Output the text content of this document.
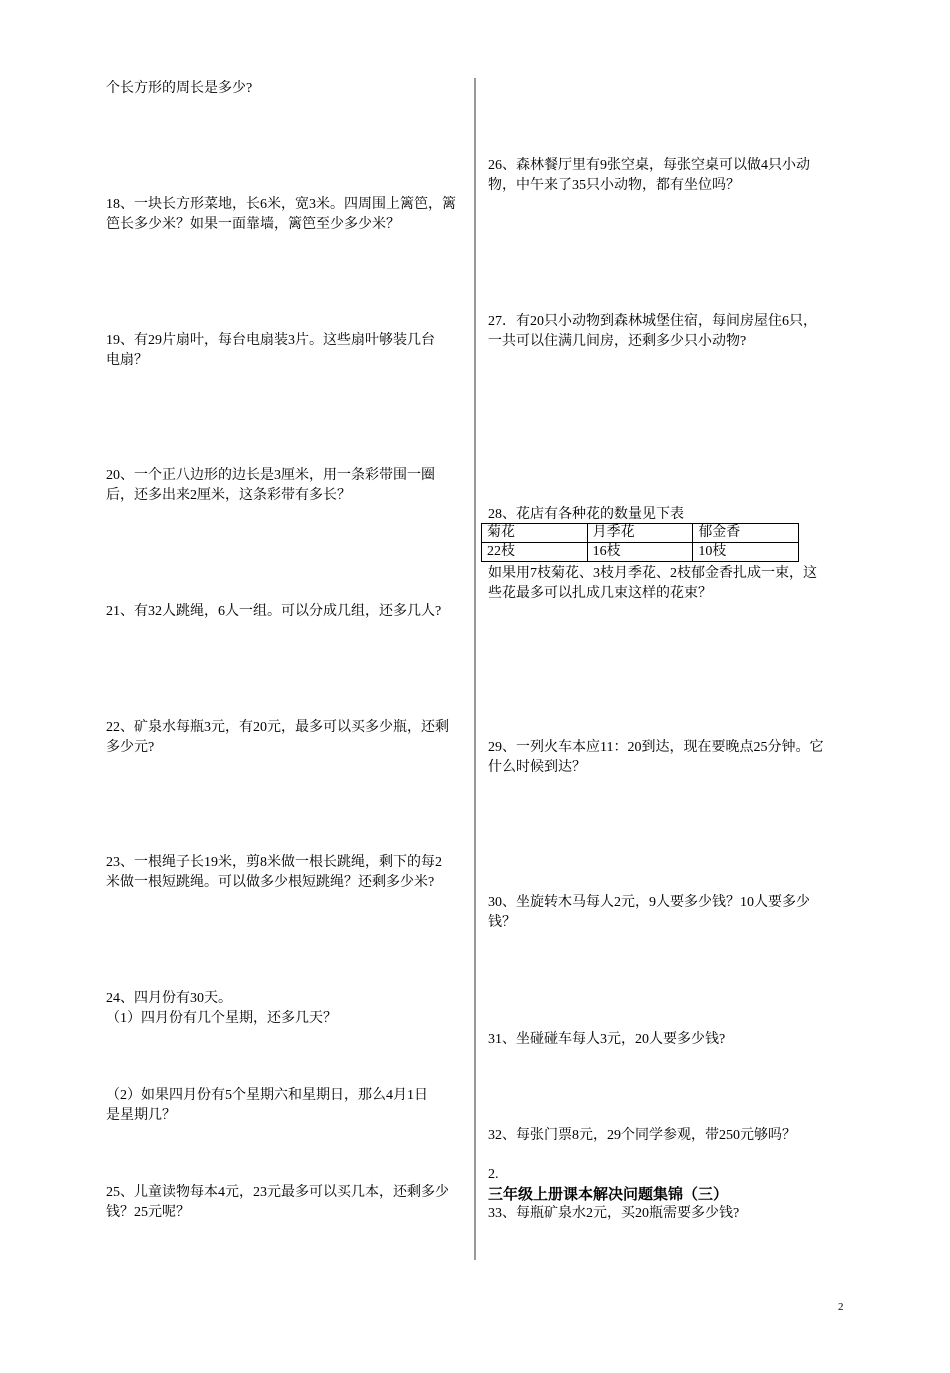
个长方形的周长是多少?
18、一块长方形菜地，长6米，宽3米。四周围上篱笆，篱
笆长多少米？如果一面靠墙，篱笆至少多少米？
19、有29片扇叶，每台电扇装3片。这些扇叶够装几台
电扇？
20、一个正八边形的边长是3厘米，用一条彩带围一圈
后，还多出来2厘米，这条彩带有多长？
21、有32人跳绳，6人一组。可以分成几组，还多几人?
22、矿泉水每瓶3元，有20元，最多可以买多少瓶，还剩
多少元?
23、一根绳子长19米，剪8米做一根长跳绳，剩下的每2
米做一根短跳绳。可以做多少根短跳绳？还剩多少米?
24、四月份有30天。
（1）四月份有几个星期，还多几天？
（2）如果四月份有5个星期六和星期日，那么4月1日
是星期几？
25、儿童读物每本4元，23元最多可以买几本，还剩多少
钱？25元呢？
26、森林餐厅里有9张空桌，每张空桌可以做4只小动
物，中午来了35只小动物，都有坐位吗？
27．有20只小动物到森林城堡住宿，每间房屋住6只，
一共可以住满几间房，还剩多少只小动物?
28、花店有各种花的数量见下表
菊花	月季花	郁金香
22枝	16枝	10枝
如果用7枝菊花、3枝月季花、2枝郁金香扎成一束，这
些花最多可以扎成几束这样的花束？
29、一列火车本应11：20到达，现在要晚点25分钟。它
什么时候到达？
30、坐旋转木马每人2元，9人要多少钱？10人要多少
钱？
31、坐碰碰车每人3元，20人要多少钱?
32、每张门票8元，29个同学参观，带250元够吗？
2.
三年级上册课本解决问题集锦（三）
33、每瓶矿泉水2元，买20瓶需要多少钱?
2
